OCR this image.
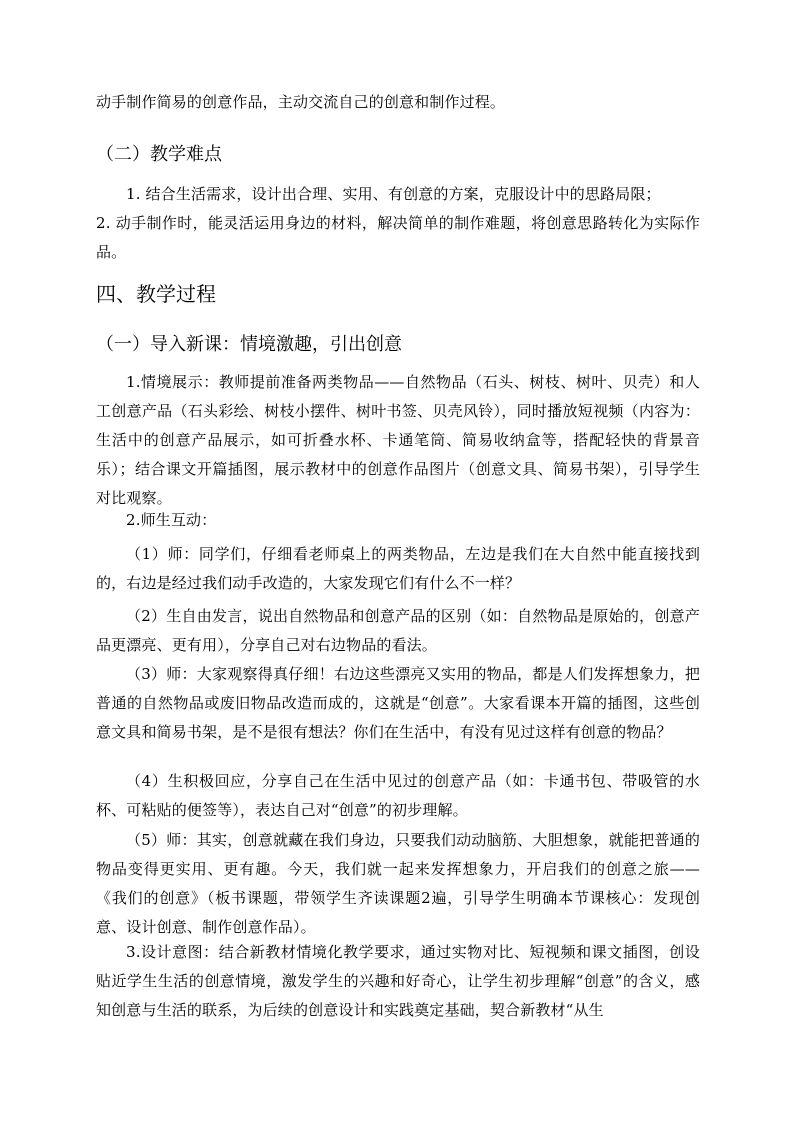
动手制作简易的创意作品，主动交流自己的创意和制作过程。

（二）教学难点

1. 结合生活需求，设计出合理、实用、有创意的方案，克服设计中的思路局限；

2. 动手制作时，能灵活运用身边的材料，解决简单的制作难题，将创意思路转化为实际作品。

四、教学过程
（一）导入新课：情境激趣，引出创意

1.情境展示：教师提前准备两类物品——自然物品（石头、树枝、树叶、贝壳）和人工创意产品（石头彩绘、树枝小摆件、树叶书签、贝壳风铃），同时播放短视频（内容为：生活中的创意产品展示，如可折叠水杯、卡通笔筒、简易收纳盒等，搭配轻快的背景音乐）；结合课文开篇插图，展示教材中的创意作品图片（创意文具、简易书架），引导学生对比观察。

2.师生互动：

（1）师：同学们，仔细看老师桌上的两类物品，左边是我们在大自然中能直接找到的，右边是经过我们动手改造的，大家发现它们有什么不一样？

（2）生自由发言，说出自然物品和创意产品的区别（如：自然物品是原始的，创意产品更漂亮、更有用），分享自己对右边物品的看法。

（3）师：大家观察得真仔细！右边这些漂亮又实用的物品，都是人们发挥想象力，把普通的自然物品或废旧物品改造而成的，这就是“创意”。大家看课本开篇的插图，这些创意文具和简易书架，是不是很有想法？你们在生活中，有没有见过这样有创意的物品？

（4）生积极回应，分享自己在生活中见过的创意产品（如：卡通书包、带吸管的水杯、可粘贴的便签等），表达自己对“创意”的初步理解。

（5）师：其实，创意就藏在我们身边，只要我们动动脑筋、大胆想象，就能把普通的物品变得更实用、更有趣。今天，我们就一起来发挥想象力，开启我们的创意之旅——《我们的创意》（板书课题，带领学生齐读课题2遍，引导学生明确本节课核心：发现创意、设计创意、制作创意作品）。

3.设计意图：结合新教材情境化教学要求，通过实物对比、短视频和课文插图，创设贴近学生生活的创意情境，激发学生的兴趣和好奇心，让学生初步理解“创意”的含义，感知创意与生活的联系，为后续的创意设计和实践奠定基础，契合新教材“从生
